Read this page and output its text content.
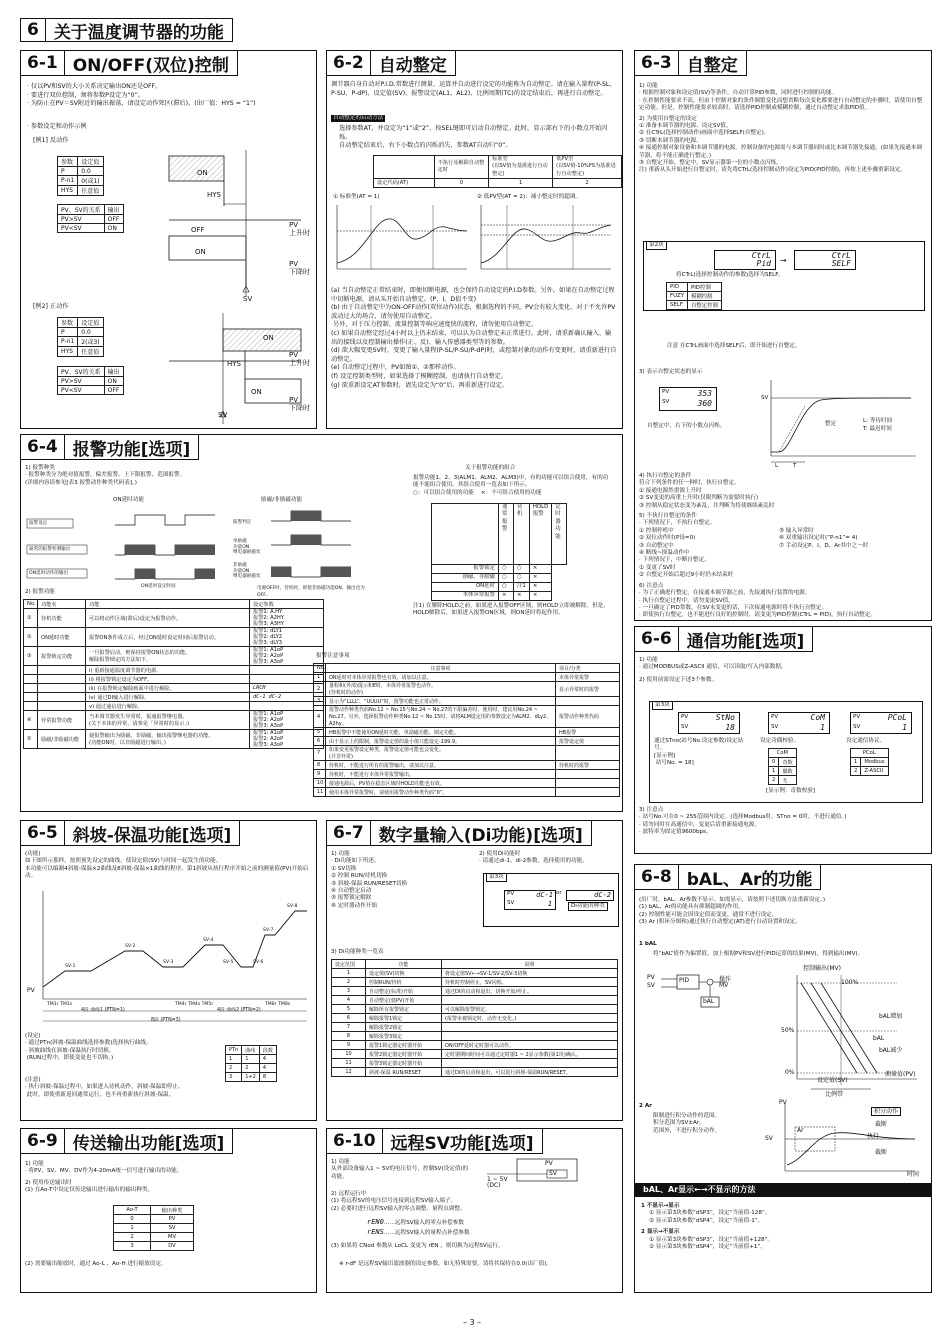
6 关于温度调节器的功能
6-1 ON/OFF(双位)控制
· 仅以PV和SV的大小关系决定输出ON还是OFF。
· 要进行双位控制，须将参数P设定为“0”。
· 为防止在PV＝SV附近的输出振荡，请设定动作死区(滞后)。(出厂值：HYS = “1”)
· 参数设定和动作示例
[例1] 反动作
参数	设定值
P	0.0
P-n1	0(或1)
HYS	任意值
PV、SV的关系	输出
PV>SV	OFF
PV<SV	ON
ON
HYS
ON
SV
PV
上升时
PV
下降时
OFF
[例2] 正动作
参数	设定值
P	0.0
P-n1	2(或3)
HYS	任意值
PV、SV的关系	输出
PV>SV	ON
PV<SV	OFF
ON
HYS
ON
SV
PV
上升时
PV
下降时
6-2 自动整定
调节器自身自动对P.I.D.常数进行测量、运算并自动进行设定的功能称为自动整定。请在输入量程(P-SL、P-SU、P-dP)、设定值(SV)、报警设定(AL1、AL2)、比例周期(TC)的设定结束后，再进行自动整定。
自动整定的启动方法
选择参数AT，并设定为“1”或“2”，按SEL键即可启动自动整定。此时，显示部右下的小数点开始闪烁。
自动整定结束后，右下小数点的闪烁消失，参数AT自动归“0”。
	不执行及解除自动整定时	标准型
(以SV值为基准进行自动整定)	低PV型
(以SV值-10%FS为基准进行自动整定)
设定代码(AT)	0	1	2
① 标准型(AT = 1)	② 低PV型(AT = 2)：减小整定时的超调。
(a) 当自动整定正常结束时，即便切断电源，也会保持自动设定的P.I.D参数。另外，如果在自动整定过程中切断电源，请从头开始自动整定。(P、I、D值不变)
(b) 由于自动整定中为ON-OFF动作(双位动作)状态，根据选程的不同，PV会有较大变化。对于不允许PV波动过大的场合，请勿使用自动整定。
另外，对于压力控制、流量控制等响应速度快的流程，请勿使用自动整定。
(c) 如果自动整定经过4小时以上仍未结束，可以认为自动整定未正常进行。此时，请重新确认输入、输出的接线以及控制输出操作(正、反)、输入传感器类型等的参数。
(d) 欲大幅变更SV时，变更了输入量程(P-SL/P-SU/P-dP)时，或控制对象的动作有变更时，请重新进行自动整定。
(e) 自动整定过程中，PV如图①、②那样动作。
(f) 设定控制类型时，如果选择了模糊控制，也请执行自动整定。
(g) 欲重新设定AT参数时，请先设定为“0”后，再重新进行设定。
6-3 自整定
1) 功能
· 根据控制对象和设定值(SV)等条件，自动计算PID参数，同时进行控制的功能。
· 在控制性能要求不高，但由于控制对象的条件频繁变化而想省略每次变化都要进行自动整定的步骤时，请使用自整定功能。但是，控制性能要求较高时，请选择PID控制或模糊控制，通过自动整定求取PID值。
2) 为使用自整定的设定
① 准备本调节器的电源、设定SV值。
② 在CTrL(选择控制动作)画面中选择SELF(自整定)。
③ 切断本调节器的电源。
④ 接通控制对象设备和本调节器的电源。控制设备的电源需与本调节器同时或比本调节器先接通。(如果先接通本调节器，将不能正确进行整定。)
⑤ 自整定开始。整定中，SV显示器第一位的小数点闪烁。
注) 重新从头开始进行自整定时，请先将CTrL(选择控制动作)设定为PID(PID控制)，再按上述步骤重新设定。
第2块
CtrL
Pid →
CtrL
SELF
将CTrL(选择控制动作的参数)选择为SELF。
PID	PID控制
FUZY	模糊控制
SELF	自整定控制
注意 在CTrL画面中选择SELF后，即开始进行自整定。
3) 表示自整定状态的显示
PV	353
SV	360
自整定中，右下的小数点闪烁。
SV
整定	L: 等待时间
T: 最迟时间
L	T
4) 执行自整定的条件
符合下列条件的任一种时，执行自整定。
① 接通电源然重源上升时
② SV变更的高重上升时(仅限判断为需要时执行)
③ 控制从稳定状态变为紊乱，并判断为将使继续紊乱时
5) 不执行自整定的条件
· 下列情况下，不执行自整定。
① 控制停机中
② 双位动作时(P设=0)
③ 自动整定中
④ 断线~探温动作中
⑤ 输入异常时
⑥ 双重输出设定时(“P-n1”= 4)
⑦ 手动设定P、I、D、Ar其中之一时
· 下列情况下，中断自整定。
① 变更了SV时
② 自整定开始后超过9小时仍未结束时
6) 注意点
· 为了正确进行整定，在接通本调节器之前，先接通执行装置的电源。
· 执行自整定过程中，请勿变更SV值。
· 一旦确定了PID常数，在SV未变更的话，下次接通电源时将不执行自整定。
· 即使执行自整定，也不能进行良好的控制时，请变更为PID控制(CTrL = PID)，执行自动整定。
6-4 报警功能[选项]
1) 报警种类
· 报警种类分为绝对值报警、偏差报警、上下限报警、范围报警。
(详细内容请参见[表3 报警动作种类代码表]。)
ON延时功能	励磁/非励磁功能
报警设定
通常的报警检测输出
ON延时动作的输出
ON延时设定时间
报警判定
单励磁
功能ON
继电器励磁状
非励磁
功能ON
继电器励磁状
电源OFF时、待机时，即使非励磁功能ON，输出也为OFF。
关于报警功能的组合
报警功能1、2、3(ALM1、ALM2、ALM3)中，有的功能可以组合使用，有的功能不能组合使用。其组合使用一览表如下所示。
○：可以组合使用的功能    ×：不可组合使用的功能
	通常报警	待机	HOLD报警	定时器功能
报警锁定	○	○	×	
励磁、非励磁	○	○	×	
ON延时	○	注1	×	
本体异常报警	×	×	×	
注1) 在解除HOLD之前，如果进入报警OFF区域，则HOLD立即被解除。但是，HOLD解除后，如果进入报警ON区域，则ON延时将起作用。
2) 报警功能
No.	功能名	功能	设定参数
①	待机功能	可以将动作区域(滞后)设定为报警动作。	报警1: A.HY
报警2: A2HY
报警3: A3HY
②	ON延时功能	报警ON条件成立后，经过ON延时设定时间后报警启动。	报警1: dLY1
报警2: dLY2
报警3: dLY3
③	报警锁定功能	一旦报警启动，则保持报警ON状态的功能。
解除报警锁定的方法如下。	报警1: A1oP
报警2: A2oP
报警3: A3oP
		i) 重新接通温度调节器的电源。	
		ii) 将报警锁定设定为OFF。	
		iii) 在报警锁定解除画面中进行解除。	LRCH
		iv) 通过DI输入进行解除。	dC-1 dC-2
		v) 通过通信进行解除。	
④	异常报警功能	当本调节器发生异常时，报通报警继电器。
(关于本体的异常，请参见「异常时的显示」)	报警1: A1oP
报警2: A2oP
报警3: A3oP
⑤	励磁/非励磁功能	使报警输出为励磁、非励磁，输出报警继电器的功能。
(功能ON时，以非励磁进行输出。)	报警1: A1oP
报警2: A2oP
报警3: A3oP
报警注意事项
No.	注意事项	项目/分类
1	ON延时对本体异常报警也有效，请加以注意。	本体异常报警
2	量程和(外部)提示和E时，本体异常报警也动作。
(待机时的动作)	显示异常时的报警
3	显示为“LLLL”、“UUUU”时，报警功能也正常动作。	
4	报警动作种类代码No.12 ~ No.15与No.24 ~ No.27的下限偏差时，使用时，建议用No.24 ~ No.27。另外，选择报警动作种类No.12 ~ No.15时，请将ALM设定用的参数设定为ALM2、dLy2、A2hy。	报警动作种类代码
5	HB报警中不能使用ON延时功能、单励磁功能、锁定功能。	HB报警
6	由于显示上的限制，报警设定值的最小值只能设定-199.9。	报警设定值
7	如果变更报警设定种类，报警设定值可能也会变化。
(并非异常)	
8	待机时，不能进行所有的报警输出，请加以注意。	待机时的报警
9	待机时，不能进行本体异常报警输出。	
10	接通电源后，PV值在稳态区域时HOLD功能也有效。	
11	使用本体异常报警时，请使用报警动作种类代码“0”。	
6-6 通信功能[选项]
1) 功能
· 通过MODBUS或Z-ASCII 通信，可以读取/写入内部数据。
2) 使用前需设定下述3个参数。
第3块
PV	StNo
SV	18
PV	CoM
SV	1
PV	PCoL
SV	1
通过STno(站号No.设定参数)设定站号。
[显示例]
站号No. = 18]
设定奇偶校验。	设定通信协议。
CoM	
0	奇数
1	偶数
2	无
[显示例：奇数校验]
PCoL	
1	Modbus
2	Z-ASCII
3) 注意点
· 站号No.可在0 ~ 255范围内设定。(选择Modbus时，STno = 0时，不进行通信。)
· 请勿同时在高通信中，变更后请重新接通电源。
· 波特率为固定值9600bps。
6-5 斜坡-保温功能[选项]
(功能)
如下图所示那样，按照预先设定的曲线，使设定值(SV)与时间一起发生的功能。
本功能可以编制4斜坡-保温×2曲线及8斜坡-保温×1曲线的程序。第1斜坡从执行程序开始之前的测量值(PV)开始启动。
PV
SV-1
SV-2
SV-3
SV-4
SV-5	SV-6
SV-7
SV-8
TM1r TM1s	TM4r TM4s TM5r	TM8r TM8s
4段 曲线1 (PTN=1)	4段 曲线2 (PTN=2)
8段 (PTN=3)
(设定)
· 通过PTn(斜坡-保温曲线选择参数)选择执行曲线。
· 斜坡曲线在斜坡-保温执行时切换。
(RUN过程中，即使变更也不切换。)
PTn	曲线	段数
1	1	4
2	2	4
3	1+2	8
(注意)
· 执行斜坡-保温过程中，如果进入待机动作，斜坡-保温即停止。
此时，即使重新返回通常运行，也不再重新执行斜坡-保温。
6-7 数字量输入(Di功能)[选项]
1) 功能
· Di功能如下所述。
① SV切换
② 控制 RUN/待机切换
③ 斜坡-保温 RUN/RESET切换
④ 自动整定启动
⑤ 报警锁定解除
⑥ 定时器动作开始
2) 使用Di功能时
· 请通过di-1、di-2参数，选择使用的功能。
第3块
PV	dC-1
SV	1
or	dC-2
Di功能的种类
3) Di功能种类一览表
设定范围	功能	说明
1	设定值(SV)切换	将设定值SV←→SV-1/SV-2/SV-3切换
2	控制RUN/待机	待机时控制停止，SV闪烁。
3	自动整定(标准)开始	通过DI的启动和退出，切换开始/停止。
4	自动整定(低PV)开始	
5	解除所有报警锁定	可以解除报警锁定。
6	解除报警1锁定	(报警未被锁定时，动作无变化。)
7	解除报警2锁定	
8	解除报警3锁定	
9	报警1锁定器定时器开始	ON/OFF延时定时器可以动作。
10	报警2锁定器定时器开始	定时器期间时间可以通过定时器1 ~ 2显示参数(第1块)确认。
11	报警3锁定器定时器开始	
12	斜坡-保温 RUN/RESET	通过DI的启动和退出，可以进行斜坡-保温RUN/RESET。
6-8 bAL、Ar的功能
(出厂时，bAL、Ar参数不显示。如需显示，请按照下述切换方法重新设定。)
(1) bAL、Ar的功能具有抑制超调的作用。
(2) 控制性能可能会因设定值而变更，通常不进行设定。
(3) Ar (积环分图和)通过执行自动整定(AT)进行自动设置和设定。
1 bAL
将“bAL”值作为偏置值，加上根据PV和SV进行PID运算的结果(MV)，得到输出(MV)。
PV
SV
PID	操作
MV
bAL
控制输出(MV)
100%
50%
0%
bAL增加
bAL
bAL减少
测量值(PV)
设定值(SV)
比例带
2 Ar
限制进行积分动作的范围。
积分范围为SV±Ar。
范围外，不进行积分动作。
PV
SV
积分动作
截断
执行
Ar
截断
时间
bAL、Ar显示←→不显示的方法
1 不显示→显示
① 显示第3块参数“dSP3”，设定“当前值-128”。
② 显示第3块参数“dSP4”，设定“当前值-1”。
2 显示→不显示
① 显示第3块参数“dSP3”，设定“当前值+128”。
② 显示第3块参数“dSP4”，设定“当前值+1”。
6-9 传送输出功能[选项]
1) 功能
· 将PV、SV、MV、DV作为4-20mA统一信号进行输出的功能。
2) 使用传送输出时
(1) 在Ao-T中设定仅传送输出进行输出的输出种类。
Ao-T	输出种类
0	PV
1	SV
2	MV
3	DV
(2) 需要输出缩放时，通过 Ao-L 、Ao-H 进行缩放设定。
6-10 远程SV功能[选项]
1) 功能
从外部设备输入1 ~ 5V的电压信号，控制SV(设定值)的功能。
PV
SV
1 ~ 5V
(DC)
2) 远程运行中
(1) 将远程SV的电压信号连接到远程SV输入端子。
(2) 必要时进行远程SV输入的零点调整、量程点调整。
rEN0……远程SV输入的零点补偿参数
rENS……远程SV输入的量程点补偿参数
(3) 如果将 CNod 参数从 LoCL 变更为 rEN ，则切换为远程SV运行。
※ r-dF 是远程SV输出滤波器的设定参数。如无特殊需要，请将其保持在0.0(出厂值)。
– 3 –
